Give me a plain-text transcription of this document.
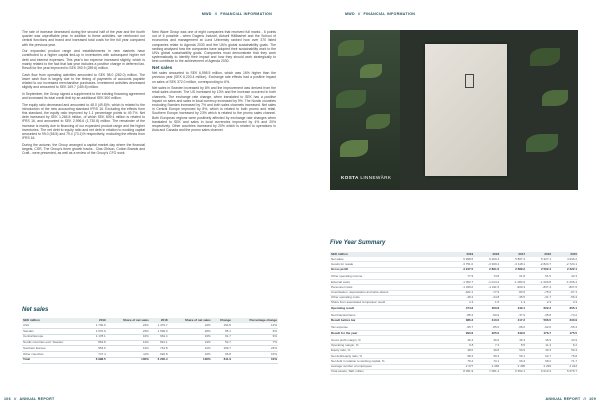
MWD // FINANCIAL INFORMATION

The rate of increase decreased during the second half of the year and the fourth quarter was unprofitable year. In addition to these activities, we reinforced our central functions and brand and increased total costs for the full year compared with the previous year.

Our expanded product range and establishments in new markets have contributed to a higher capital tied-up in inventories with subsequent higher net debt and interest expenses. This year's tax expense increased slightly, which is mainly related to the fact that last year includes a positive change in deferred tax. Result for the year improved to SEK 390.9 (289.6) million.

Cash flow from operating activities amounted to SEK 98.0 (282.0) million. The lower cash flow is largely due to the timing of payments of accounts payable related to our increased merchandise purchases. Investment activities decreased slightly and amounted to SEK 169.7 (189.8) million.

In September, the Group signed a supplement to the existing financing agreement and increased its total credit limit by an additional SEK 500 million.

The equity ratio decreased and amounted to 48.0 (49.8)%, which is related to the introduction of the new accounting standard IFRS 16. Excluding the effects from this standard, the equity ratio improved by 1.1 percentage points to 49.7%. Net debt increased by SEK 1,265.8 million, of which SEK 809.4 million is related to IFRS 16, and amounted to SEK 2,996.6 (1,730.8) million. The remainder of the increase is mainly due to financing of our expanded product range and the higher inventories. The net debt to equity ratio and net debt in relation to working capital amounted to 99.0 (58.5) and 79.4 (73.1)% respectively, excluding the effects from IFRS 16.

During the autumn, the Group arranged a capital market day where the financial targets, CSR, The Group's three growth tracks - Clas Ohlson, Cotton Brands and Craft - were presented, as well as a review of the Group's CFO work.

New Wave Group was one of eight companies that received full marks - 6 points out of 6 possible - when Dagens Industri, Aktuell Hållbarhet and the School of economics and management at Lund University ranked how over 370 listed companies relate to Agenda 2030 and the UN's global sustainability goals. The ranking analysed how the companies have adopted their sustainability work to the UN's global sustainability goals. Companies must demonstrate that they work systematically to identify their impact and how they should work strategically to best contribute to the achievement of Agenda 2030.

Net sales

Net sales amounted to SEK 6,998.5 million, which was 16% higher than the previous year (SEK 6,200.4 million). Exchange rate effects had a positive impact on sales of SEK 372.0 million, corresponding to 6%.

Net sales in Sweden increased by 8% and the improvement was derived from the retail sales channel. The US increased by 13% and the increase occurred in both channels. The exchange rate change, when translated to SEK has a positive impact on sales and sales in local currency increased by 9%. The Nordic countries excluding Sweden increased by 7% and both sales channels increased. Net sales in Central Europe improved by 8%, which is related to both promo and retail. Southern Europe increased by 23% which is related to the promo sales channel. Both European regions were positively affected by exchange rate changes when translated to SEK and sales in local currencies improved by 4% and 20% respectively. Other countries increased by 20% which is related to operations in Asia and Canada and the promo sales channel.

Net sales
SEK million	2019	Share of net sales	2018	Share of net sales	Change	Percentage change
USA	1 740.6	24%	1 479.7	24%	194.8	12%
Sweden	1 670.9	23%	1 599.0	26%	85.1	6%
Central Europe	1 178.1	16%	964.4	16%	91.7	9%
Nordic countries excl. Sweden	864.8	12%	812.1	13%	52.7	7%
Southern Europe	953.6	12%	744.8	12%	169.7	23%
Other countries	747.4	11%	620.8	10%	96.8	16%
Total	6 998.5	100%	6 200.4	100%	611.9	10%
106 // ANNUAL REPORT
MWD // FINANCIAL INFORMATION
ANNUAL REPORT // 109
KOSTA LINNEWÄRK
Five Year Summary
SEK million	2019	2018	2017	2016	2015
Net sales	6 998.5	6 200.4	5 807.3	5 327.1	4 946.2
Goods for resale	-3 751.0	-3 309.4	-3 118.1	-2 824.7	-2 724.1
Gross profit	3 247.5	2 891.0	2 689.2	2 502.4	2 222.1

Other operating income	77.9	74.8	61.8	51.5	42.3
External costs	-1 052.7	-1 014.4	-1 083.9	-1 009.8	-1 036.4
Personnel costs	-1 039.0	-1 011.5	-900.3	-837.4	-807.6
Amortisation, depreciation and write-downs	-322.1	-77.9	-83.5	-75.0	-67.1
Other operating costs	-48.4	-44.8	-35.5	-31.7	-56.3
Share from associated companies' result	2.4	1.5	1.4	2.3	3.3
Operating result	474.6	460.8	449.1	602.3	305.1

Net financial items	-88.3	-50.9	-37.9	-35.8	-74.2
Result before tax	386.3	410.0	417.2	566.5	230.9

Tax expense	-95.7	-85.0	-68.2	-92.6	-55.4
Result for the year	290.6	325.0	349.0	476.7	175.5

Gross profit margin, %	46.4	46.6	46.3	46.9	44.9
Operating margin, %	6.8	7.4	8.5	11.3	6.2
Equity ratio, %	48.0	49.8	50.9	49.3	50.4
Net debt/equity ratio, %	98.4	59.3	59.1	62.7	76.8
Net debt in relation to working capital, %	79.4	73.1	69.4	68.2	71.7
Average number of employees	2 477	2 366	2 495	2 296	2 224
Total assets, SEK million	8 391.9	7 081.4	6 352.1	6 010.3	5 676.7
